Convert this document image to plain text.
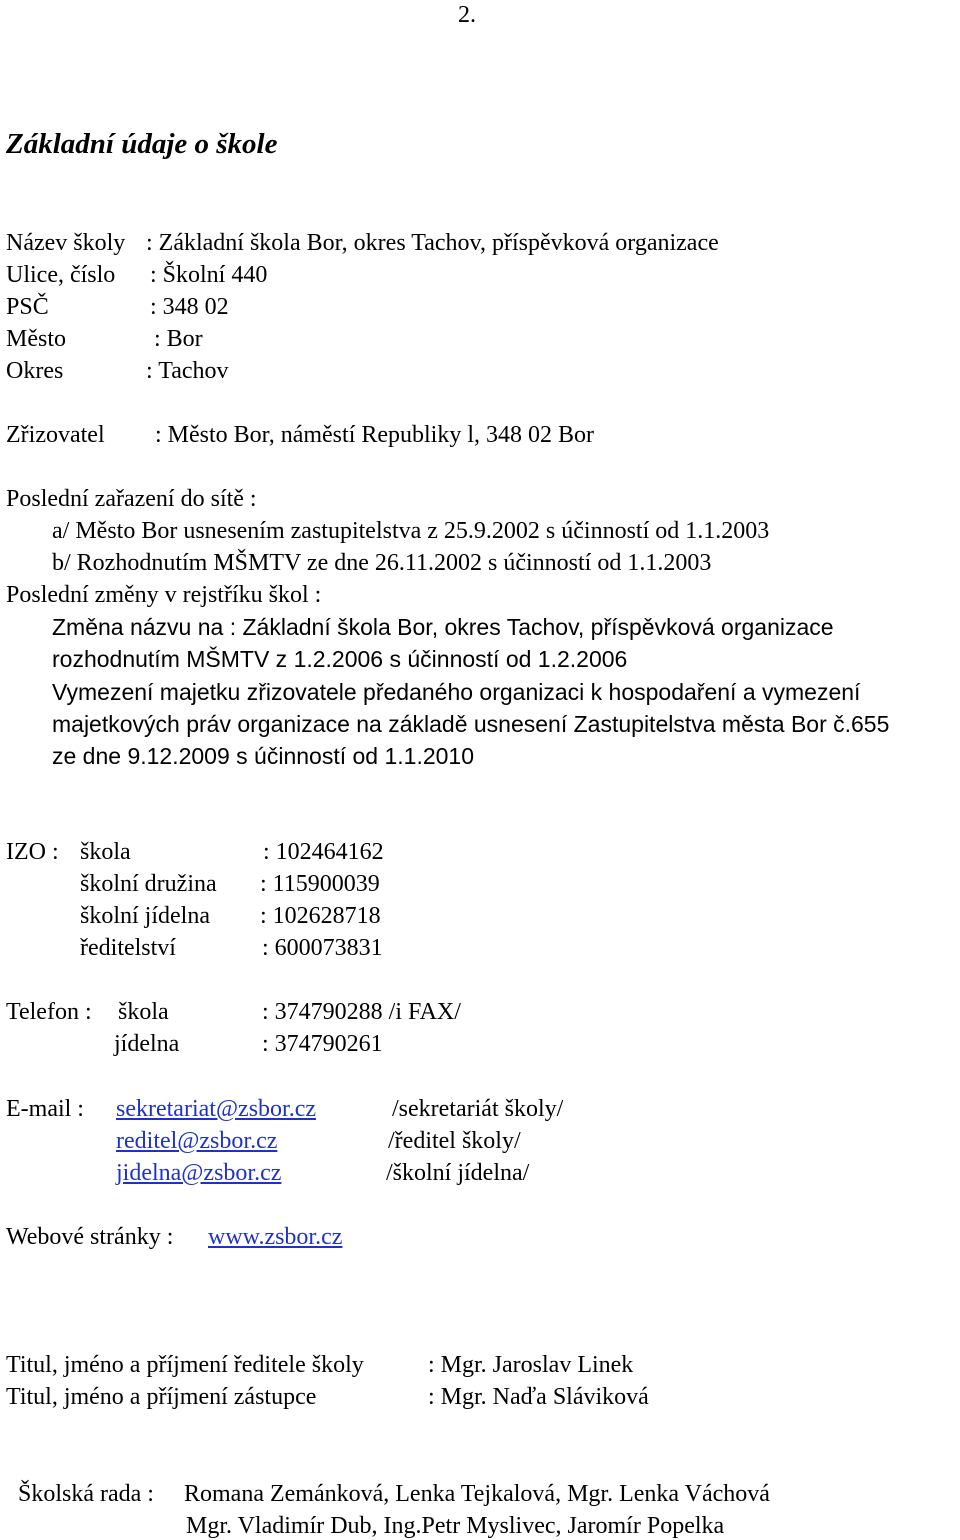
2.
Základní údaje o škole
Název školy : Základní škola Bor, okres Tachov, příspěvková organizace
Ulice, číslo : Školní 440
PSČ	: 348 02
Město	: Bor
Okres	: Tachov
Zřizovatel : Město Bor, náměstí Republiky l, 348 02 Bor
Poslední zařazení do sítě :
a/ Město Bor usnesením zastupitelstva z 25.9.2002 s účinností od 1.1.2003
b/ Rozhodnutím MŠMTV ze dne 26.11.2002 s účinností od 1.1.2003
Poslední změny v rejstříku škol :
Změna názvu na : Základní škola Bor, okres Tachov, příspěvková organizace
rozhodnutím MŠMTV z 1.2.2006 s účinností od 1.2.2006
Vymezení majetku zřizovatele předaného organizaci k hospodaření a vymezení
majetkových práv organizace na základě usnesení Zastupitelstva města Bor č.655
ze dne 9.12.2009 s účinností od 1.1.2010
IZO : škola	: 102464162
školní družina : 115900039
školní jídelna : 102628718
ředitelství	: 600073831
Telefon : škola	: 374790288 /i FAX/
jídelna	: 374790261
E-mail : sekretariat@zsbor.cz	/sekretariát školy/
reditel@zsbor.cz	/ředitel školy/
jidelna@zsbor.cz	/školní jídelna/
Webové stránky : www.zsbor.cz
Titul, jméno a příjmení ředitele školy	: Mgr. Jaroslav Linek
Titul, jméno a příjmení zástupce	: Mgr. Naďa Sláviková
Školská rada : Romana Zemánková, Lenka Tejkalová, Mgr. Lenka Váchová
Mgr. Vladimír Dub, Ing.Petr Myslivec, Jaromír Popelka
